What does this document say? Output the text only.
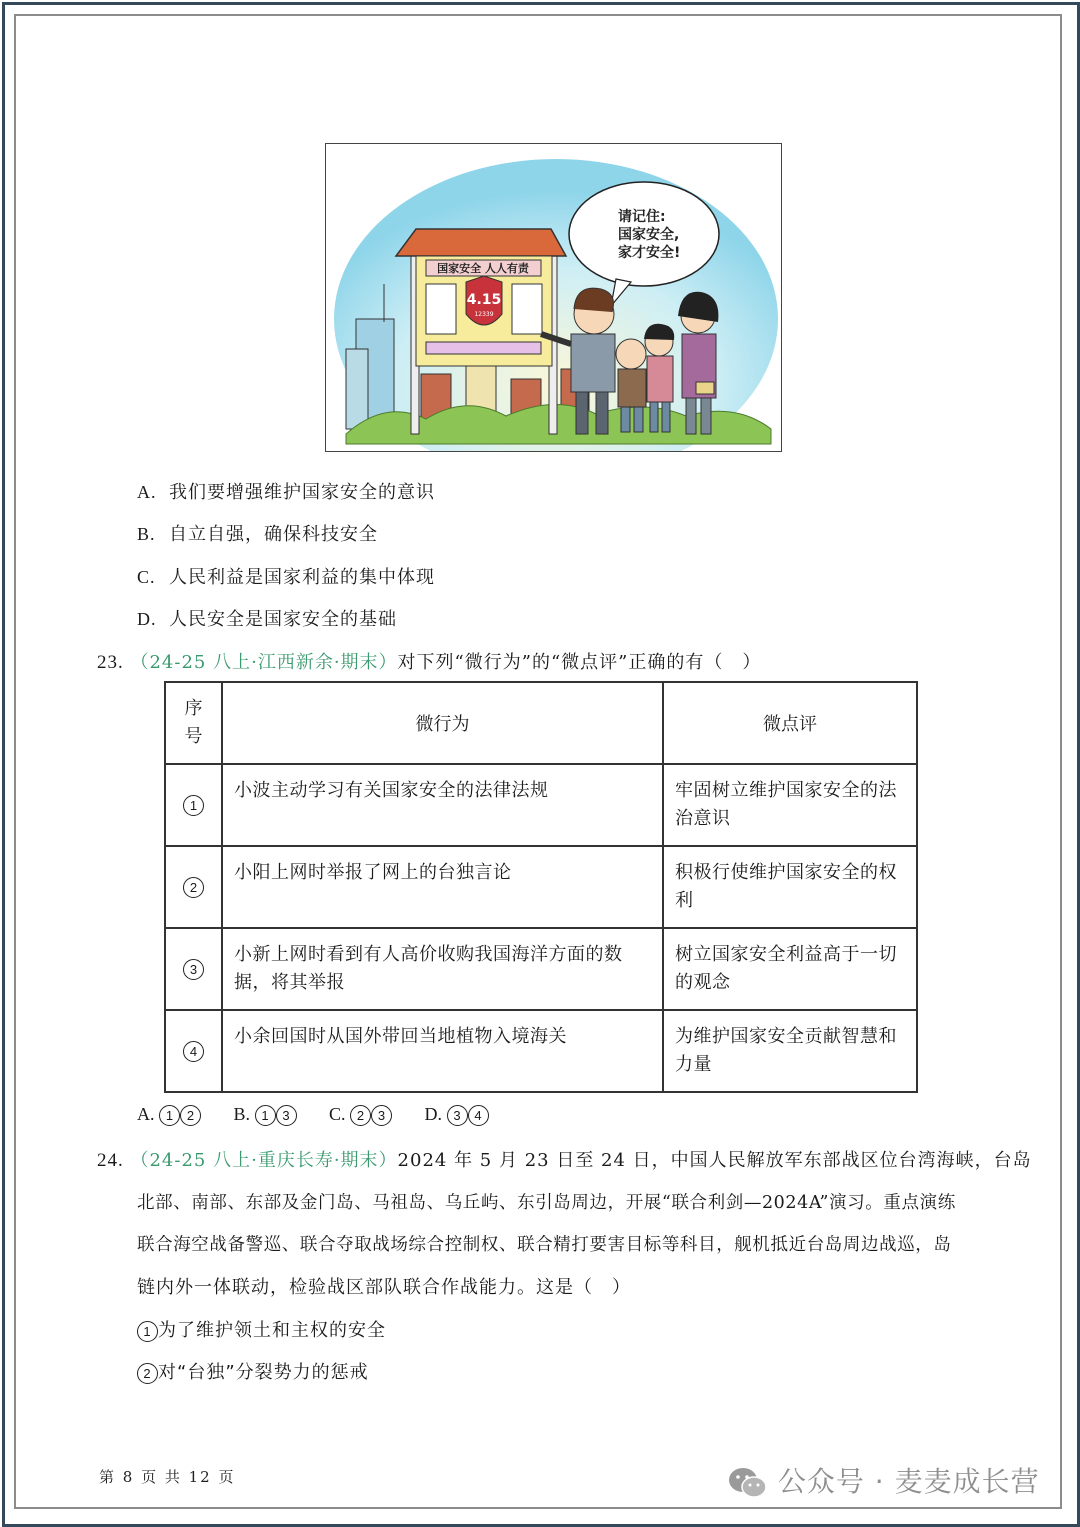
国家安全 人人有责
4.15
12339
请记住:
国家安全,
家才安全!
A. 我们要增强维护国家安全的意识
B. 自立自强，确保科技安全
C. 人民利益是国家利益的集中体现
D. 人民安全是国家安全的基础
23. （24-25 八上·江西新余·期末）对下列“微行为”的“微点评”正确的有（　）
序
号	微行为	微点评
1	小波主动学习有关国家安全的法律法规	牢固树立维护国家安全的法治意识

2	小阳上网时举报了网上的台独言论	积极行使维护国家安全的权利

3	小新上网时看到有人高价收购我国海洋方面的数据，将其举报	树立国家安全利益高于一切的观念

4	小余回国时从国外带回当地植物入境海关	为维护国家安全贡献智慧和力量
A. 1 2 B. 1 3 C. 2 3 D. 3 4
24. （24-25 八上·重庆长寿·期末）2024 年 5 月 23 日至 24 日，中国人民解放军东部战区位台湾海峡，台岛
北部、南部、东部及金门岛、马祖岛、乌丘屿、东引岛周边，开展“联合利剑—2024A”演习。重点演练
联合海空战备警巡、联合夺取战场综合控制权、联合精打要害目标等科目，舰机抵近台岛周边战巡，岛
链内外一体联动，检验战区部队联合作战能力。这是（　）
1 为了维护领土和主权的安全
2 对“台独”分裂势力的惩戒
第 8 页 共 12 页	公众号 · 麦麦成长营
